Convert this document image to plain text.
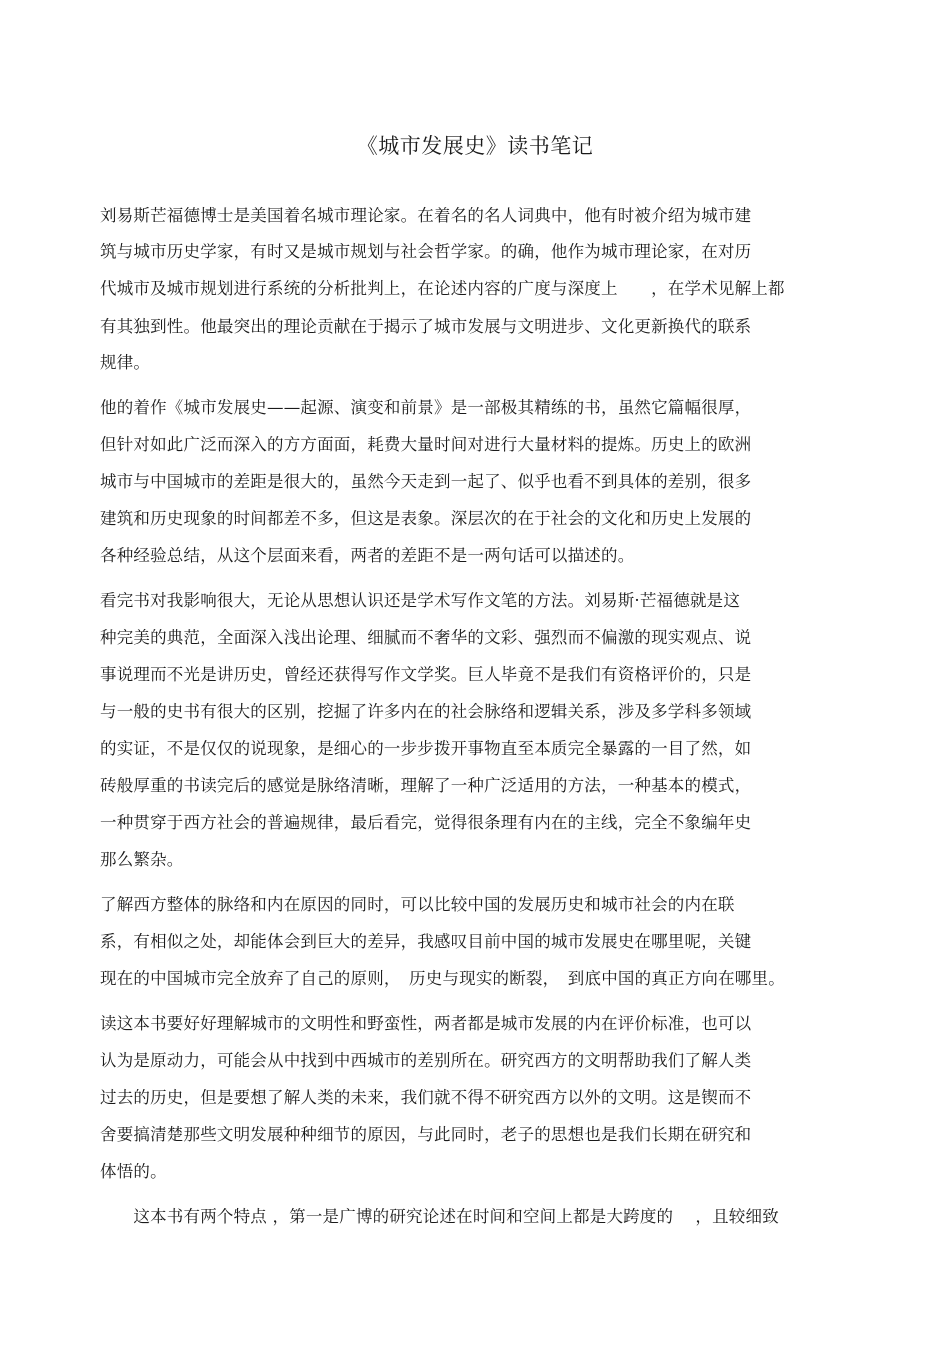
《城市发展史》读书笔记
刘易斯芒福德博士是美国着名城市理论家。在着名的名人词典中，他有时被介绍为城市建
筑与城市历史学家，有时又是城市规划与社会哲学家。的确，他作为城市理论家，在对历
代城市及城市规划进行系统的分析批判上，在论述内容的广度与深度上　　，在学术见解上都
有其独到性。他最突出的理论贡献在于揭示了城市发展与文明进步、文化更新换代的联系
规律。
他的着作《城市发展史——起源、演变和前景》是一部极其精练的书，虽然它篇幅很厚，
但针对如此广泛而深入的方方面面，耗费大量时间对进行大量材料的提炼。历史上的欧洲
城市与中国城市的差距是很大的，虽然今天走到一起了、似乎也看不到具体的差别，很多
建筑和历史现象的时间都差不多，但这是表象。深层次的在于社会的文化和历史上发展的
各种经验总结，从这个层面来看，两者的差距不是一两句话可以描述的。
看完书对我影响很大，无论从思想认识还是学术写作文笔的方法。刘易斯·芒福德就是这
种完美的典范，全面深入浅出论理、细腻而不奢华的文彩、强烈而不偏激的现实观点、说
事说理而不光是讲历史，曾经还获得写作文学奖。巨人毕竟不是我们有资格评价的，只是
与一般的史书有很大的区别，挖掘了许多内在的社会脉络和逻辑关系，涉及多学科多领域
的实证，不是仅仅的说现象，是细心的一步步拨开事物直至本质完全暴露的一目了然，如
砖般厚重的书读完后的感觉是脉络清晰，理解了一种广泛适用的方法，一种基本的模式，
一种贯穿于西方社会的普遍规律，最后看完，觉得很条理有内在的主线，完全不象编年史
那么繁杂。
了解西方整体的脉络和内在原因的同时，可以比较中国的发展历史和城市社会的内在联
系，有相似之处，却能体会到巨大的差异，我感叹目前中国的城市发展史在哪里呢，关键
现在的中国城市完全放弃了自己的原则，　历史与现实的断裂，　到底中国的真正方向在哪里。
读这本书要好好理解城市的文明性和野蛮性，两者都是城市发展的内在评价标准，也可以
认为是原动力，可能会从中找到中西城市的差别所在。研究西方的文明帮助我们了解人类
过去的历史，但是要想了解人类的未来，我们就不得不研究西方以外的文明。这是锲而不
舍要搞清楚那些文明发展种种细节的原因，与此同时，老子的思想也是我们长期在研究和
体悟的。
　　这本书有两个特点 ，第一是广博的研究论述在时间和空间上都是大跨度的　 ，且较细致
